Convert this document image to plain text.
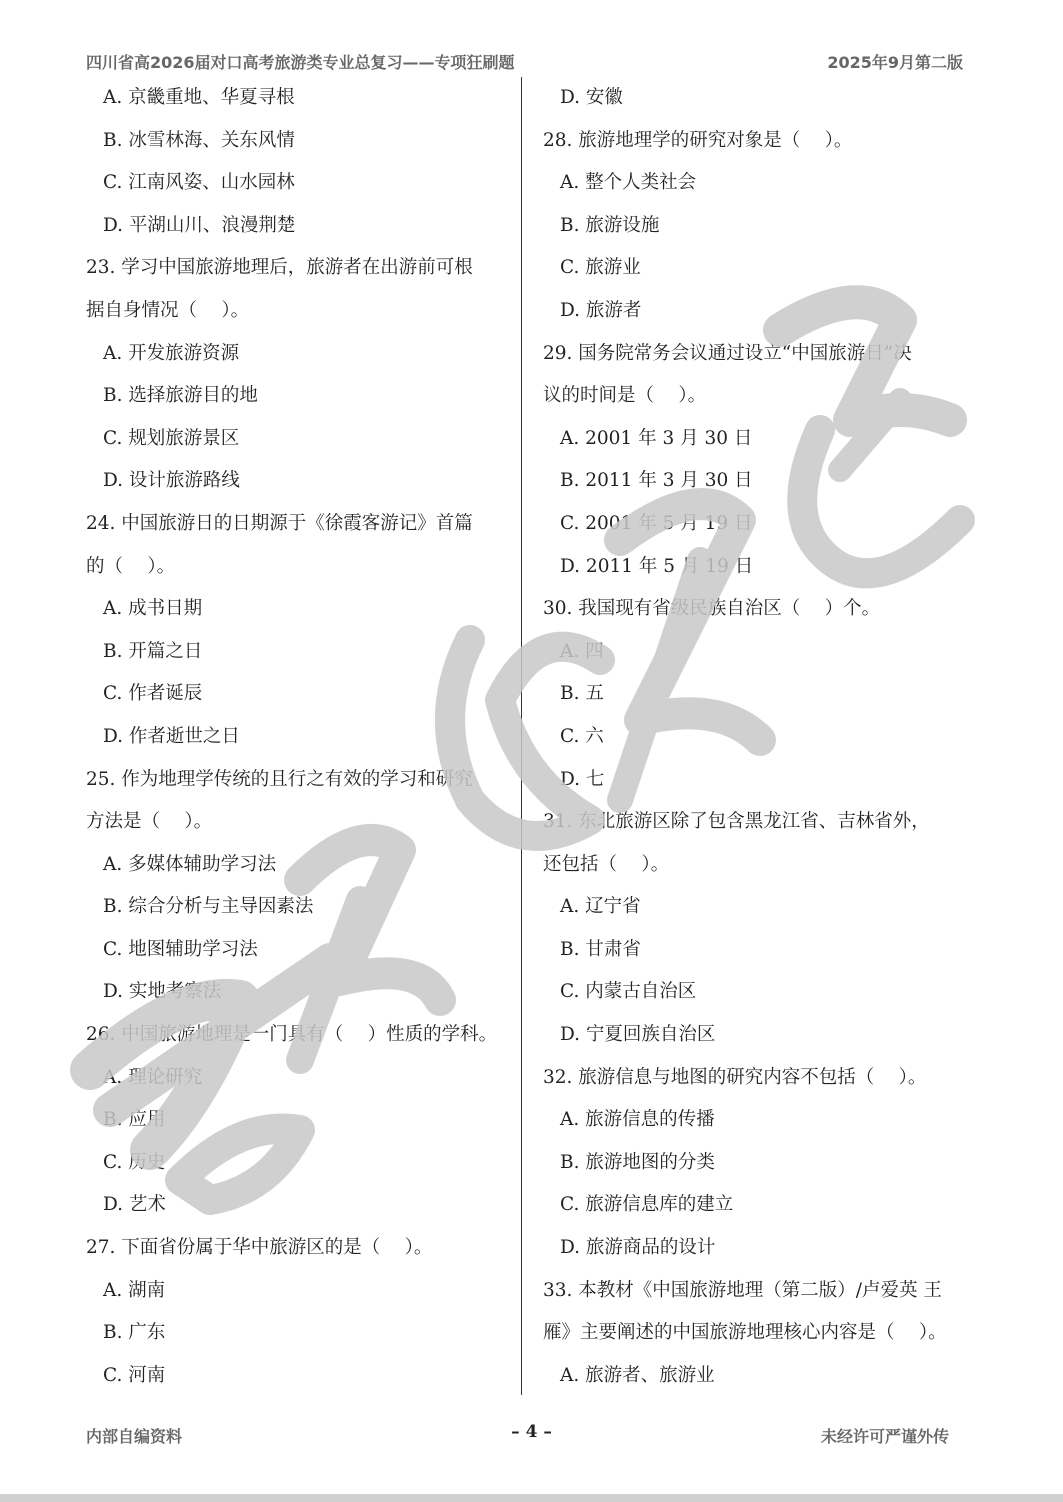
四川省高2026届对口高考旅游类专业总复习——专项狂刷题	2025年9月第二版
A. 京畿重地、华夏寻根
B. 冰雪林海、关东风情
C. 江南风姿、山水园林
D. 平湖山川、浪漫荆楚
23. 学习中国旅游地理后，旅游者在出游前可根
据自身情况（　 ）。
A. 开发旅游资源
B. 选择旅游目的地
C. 规划旅游景区
D. 设计旅游路线
24. 中国旅游日的日期源于《徐霞客游记》首篇
的（　 ）。
A. 成书日期
B. 开篇之日
C. 作者诞辰
D. 作者逝世之日
25. 作为地理学传统的且行之有效的学习和研究
方法是（　 ）。
A. 多媒体辅助学习法
B. 综合分析与主导因素法
C. 地图辅助学习法
D. 实地考察法
26. 中国旅游地理是一门具有（　 ）性质的学科。
A. 理论研究
B. 应用
C. 历史
D. 艺术
27. 下面省份属于华中旅游区的是（　 ）。
A. 湖南
B. 广东
C. 河南
D. 安徽
28. 旅游地理学的研究对象是（　 ）。
A. 整个人类社会
B. 旅游设施
C. 旅游业
D. 旅游者
29. 国务院常务会议通过设立“中国旅游日”决
议的时间是（　 ）。
A. 2001 年 3 月 30 日
B. 2011 年 3 月 30 日
C. 2001 年 5 月 19 日
D. 2011 年 5 月 19 日
30. 我国现有省级民族自治区（　 ）个。
A. 四
B. 五
C. 六
D. 七
31. 东北旅游区除了包含黑龙江省、吉林省外，
还包括（　 ）。
A. 辽宁省
B. 甘肃省
C. 内蒙古自治区
D. 宁夏回族自治区
32. 旅游信息与地图的研究内容不包括（　 ）。
A. 旅游信息的传播
B. 旅游地图的分类
C. 旅游信息库的建立
D. 旅游商品的设计
33. 本教材《中国旅游地理（第二版）/卢爱英 王
雁》主要阐述的中国旅游地理核心内容是（　 ）。
A. 旅游者、旅游业
内部自编资料	– 4 –	未经许可严谨外传
